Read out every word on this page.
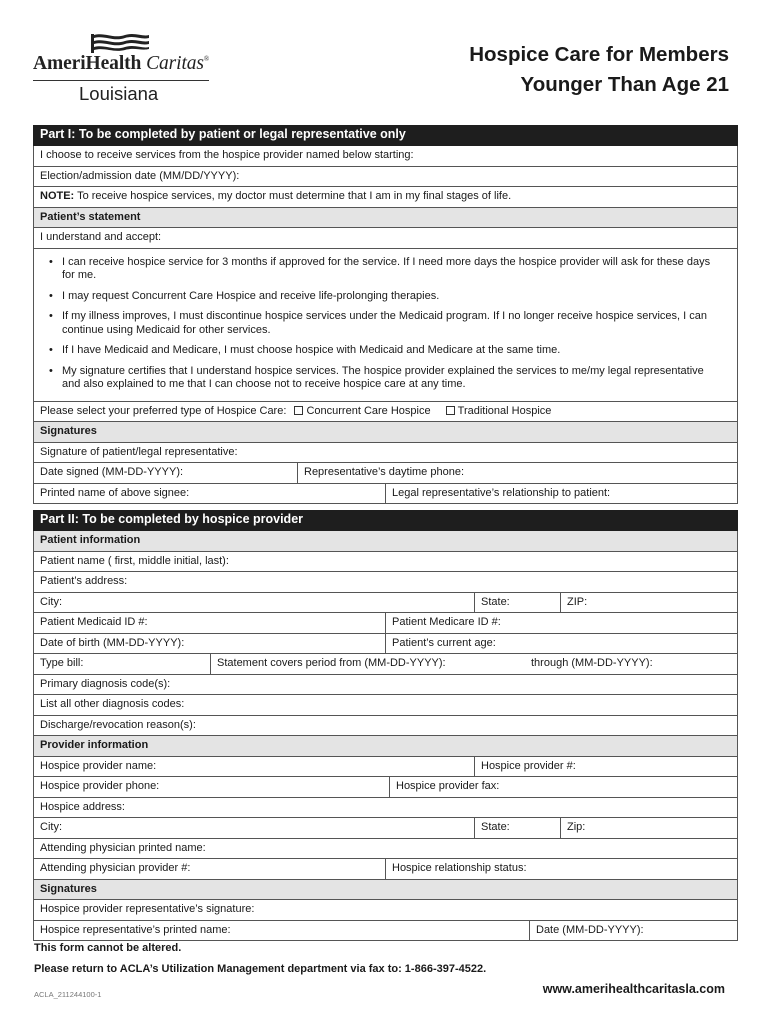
AmeriHealth Caritas®
Louisiana
Hospice Care for Members
Younger Than Age 21
Part I: To be completed by patient or legal representative only
I choose to receive services from the hospice provider named below starting:
Election/admission date (MM/DD/YYYY):
NOTE: To receive hospice services, my doctor must determine that I am in my final stages of life.
Patient’s statement
I understand and accept:
• I can receive hospice service for 3 months if approved for the service. If I need more days the hospice provider will ask for these days for me.
• I may request Concurrent Care Hospice and receive life-prolonging therapies.
• If my illness improves, I must discontinue hospice services under the Medicaid program. If I no longer receive hospice services, I can continue using Medicaid for other services.
• If I have Medicaid and Medicare, I must choose hospice with Medicaid and Medicare at the same time.
• My signature certifies that I understand hospice services. The hospice provider explained the services to me/my legal representative and also explained to me that I can choose not to receive hospice care at any time.
Please select your preferred type of Hospice Care: Concurrent Care Hospice Traditional Hospice
Signatures
Signature of patient/legal representative:
Date signed (MM-DD-YYYY):	Representative’s daytime phone:
Printed name of above signee:	Legal representative’s relationship to patient:
Part II: To be completed by hospice provider
Patient information
Patient name ( first, middle initial, last):
Patient’s address:
City:	State:	ZIP:
Patient Medicaid ID #:	Patient Medicare ID #:
Date of birth (MM-DD-YYYY):	Patient’s current age:
Type bill:	Statement covers period from (MM-DD-YYYY):	through (MM-DD-YYYY):
Primary diagnosis code(s):
List all other diagnosis codes:
Discharge/revocation reason(s):
Provider information
Hospice provider name:	Hospice provider #:
Hospice provider phone:	Hospice provider fax:
Hospice address:
City:	State:	Zip:
Attending physician printed name:
Attending physician provider #:	Hospice relationship status:
Signatures
Hospice provider representative’s signature:
Hospice representative’s printed name:	Date (MM-DD-YYYY):
This form cannot be altered.
Please return to ACLA’s Utilization Management department via fax to: 1-866-397-4522.
ACLA_211244100-1	www.amerihealthcaritasla.com
